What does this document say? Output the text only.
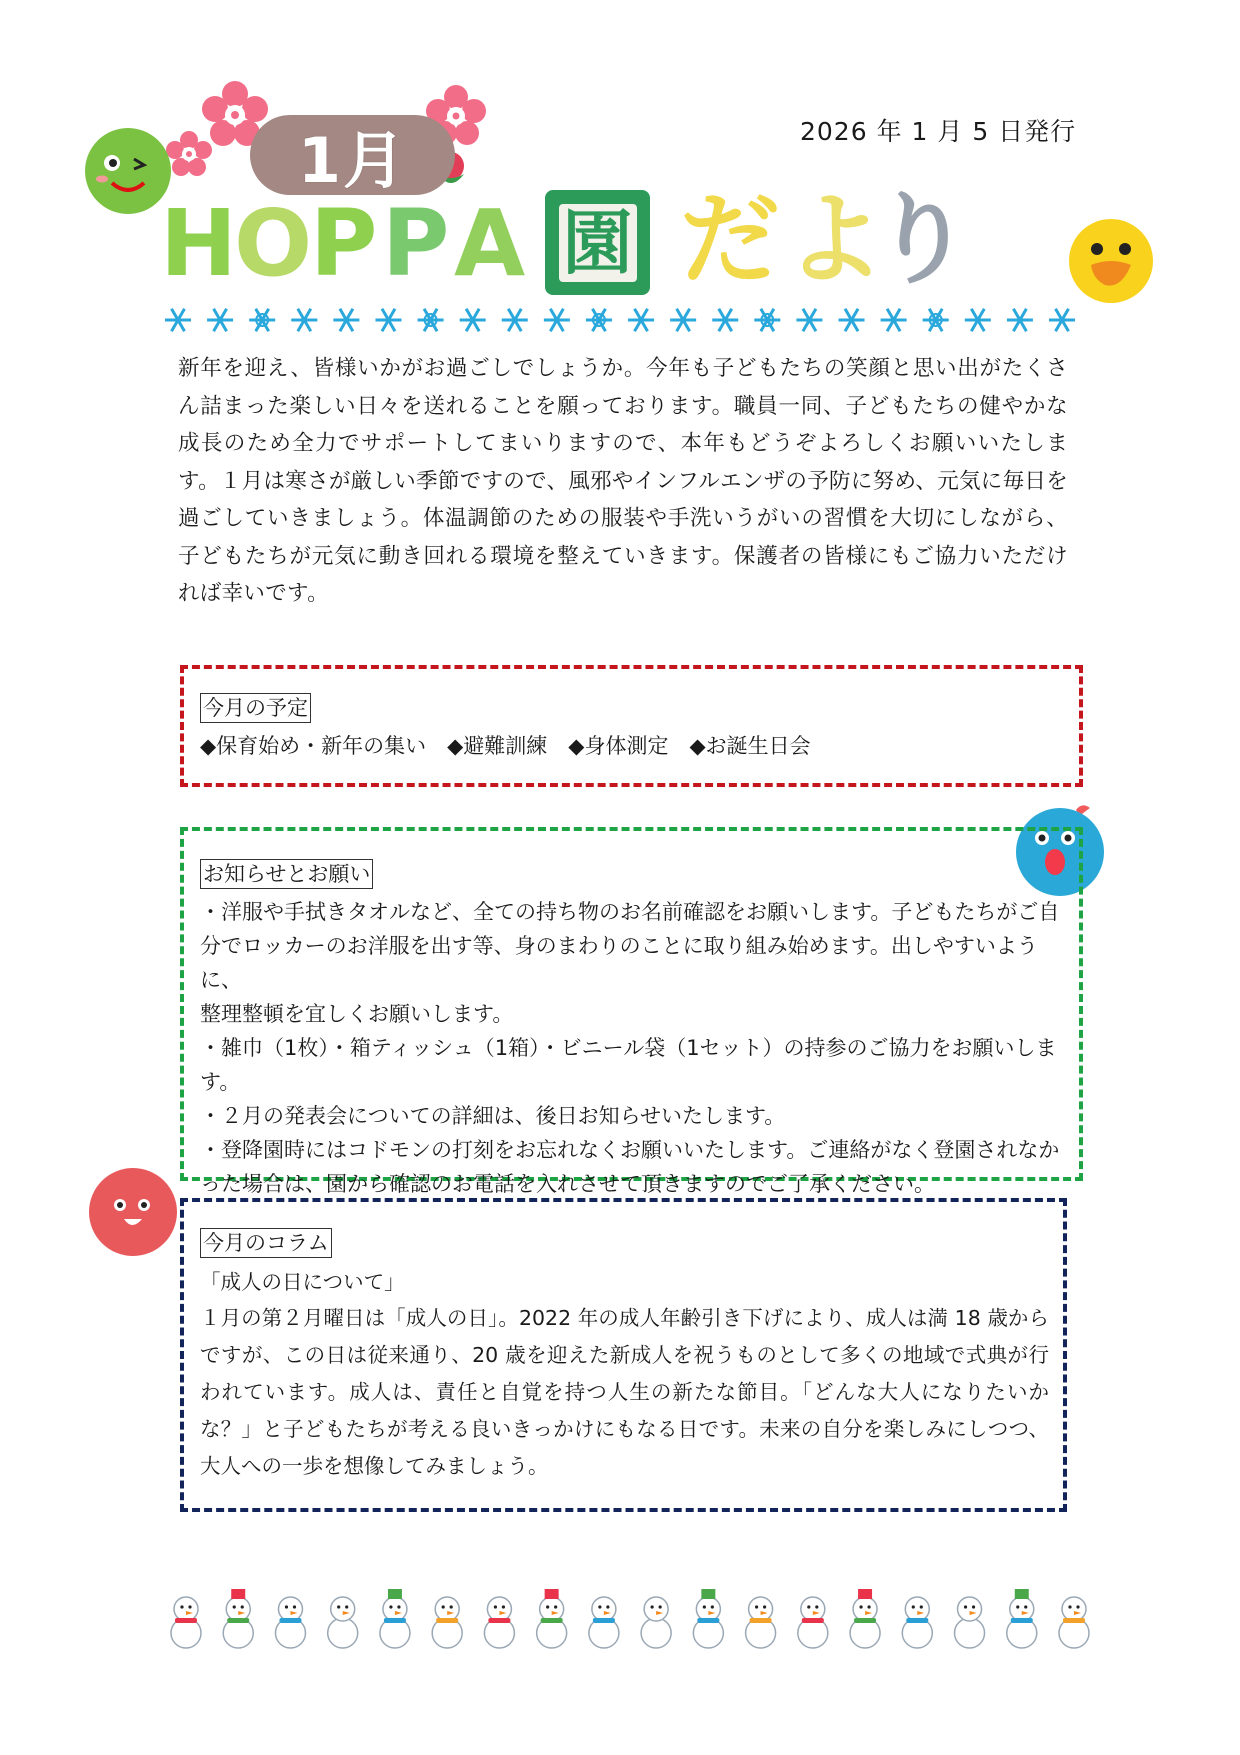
1月
H
O
P P A 園 だ よ
り
2026 年 1 月 5 日発行
新年を迎え、皆様いかがお過ごしでしょうか。今年も子どもたちの笑顔と思い出がたくさん詰まった楽しい日々を送れることを願っております。職員一同、子どもたちの健やかな成長のため全力でサポートしてまいりますので、本年もどうぞよろしくお願いいたします。１月は寒さが厳しい季節ですので、風邪やインフルエンザの予防に努め、元気に毎日を過ごしていきましょう。体温調節のための服装や手洗いうがいの習慣を大切にしながら、子どもたちが元気に動き回れる環境を整えていきます。保護者の皆様にもご協力いただければ幸いです。
今月の予定
◆保育始め・新年の集い　◆避難訓練　◆身体測定　◆お誕生日会
お知らせとお願い
・洋服や手拭きタオルなど、全ての持ち物のお名前確認をお願いします。子どもたちがご自
分でロッカーのお洋服を出す等、身のまわりのことに取り組み始めます。出しやすいように、
整理整頓を宜しくお願いします。
・雑巾（1枚）・箱ティッシュ（1箱）・ビニール袋（1セット）の持参のご協力をお願いします。
・２月の発表会についての詳細は、後日お知らせいたします。
・登降園時にはコドモンの打刻をお忘れなくお願いいたします。ご連絡がなく登園されなか
った場合は、園から確認のお電話を入れさせて頂きますのでご了承ください。
今月のコラム
「成人の日について」
１月の第２月曜日は「成人の日」。2022 年の成人年齢引き下げにより、成人は満 18 歳からですが、この日は従来通り、20 歳を迎えた新成人を祝うものとして多くの地域で式典が行われています。成人は、責任と自覚を持つ人生の新たな節目。「どんな大人になりたいかな？」と子どもたちが考える良いきっかけにもなる日です。未来の自分を楽しみにしつつ、大人への一歩を想像してみましょう。
